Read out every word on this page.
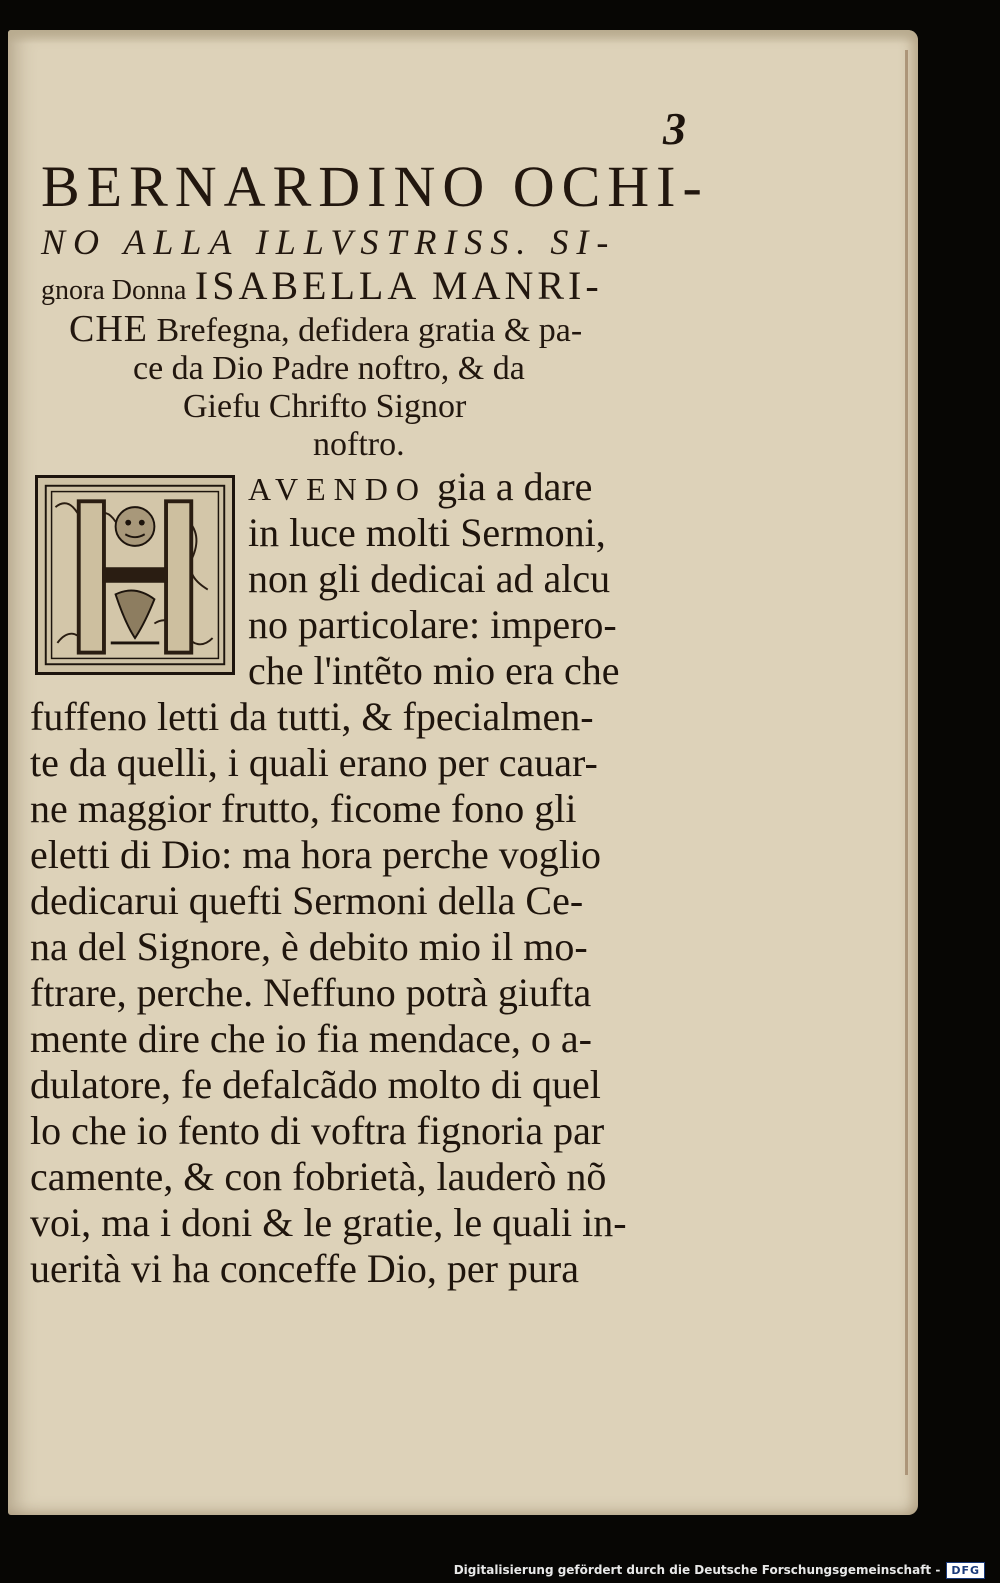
3
BERNARDINO OCHI-
NO ALLA ILLVSTRISS. SI-
gnora Donna ISABELLA MANRI-
CHE Brefegna, defidera gratia & pa-
ce da Dio Padre noftro, & da
Giefu Chrifto Signor
noftro.
AVENDO gia a dare
in luce molti Sermoni,
non gli dedicai ad alcu
no particolare: impero-
che l'intẽto mio era che
fuffeno letti da tutti, & fpecialmen-
te da quelli, i quali erano per cauar-
ne maggior frutto, ficome fono gli
eletti di Dio: ma hora perche voglio
dedicarui quefti Sermoni della Ce-
na del Signore, è debito mio il mo-
ftrare, perche. Neffuno potrà giufta
mente dire che io fia mendace, o a-
dulatore, fe defalcãdo molto di quel
lo che io fento di voftra fignoria par
camente, & con fobrietà, lauderò nõ
voi, ma i doni & le gratie, le quali in-
uerità vi ha conceffe Dio, per pura
Digitalisierung gefördert durch die Deutsche Forschungsgemeinschaft -	DFG
